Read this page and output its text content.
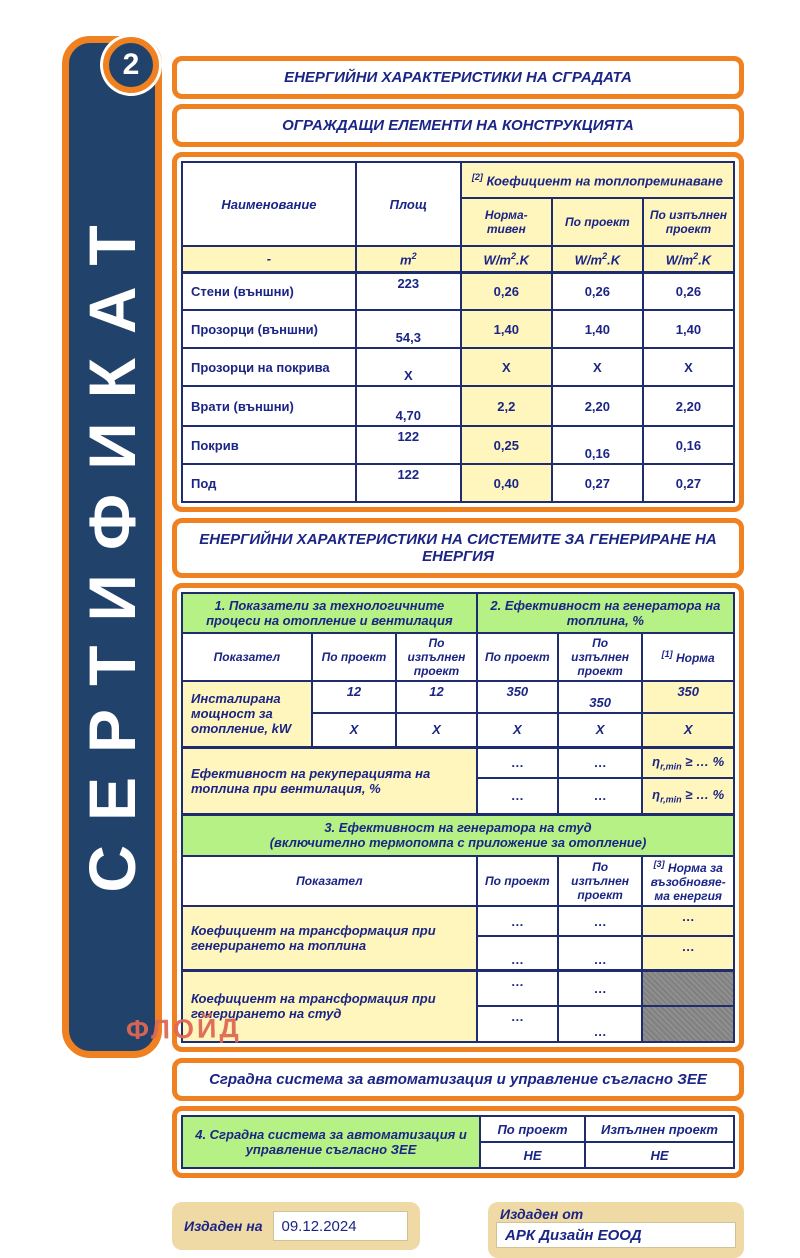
СЕРТИФИКАТ
2
ФЛОЙД
ЕНЕРГИЙНИ ХАРАКТЕРИСТИКИ НА СГРАДАТА
ОГРАЖДАЩИ ЕЛЕМЕНТИ НА КОНСТРУКЦИЯТА
Наименование	Площ	[2] Коефициент на топлопреминаване		
		Норма-тивен	По проект	По изпълнен проект
-	$m^2$	$W/m^2.K$	$W/m^2.K$	$W/m^2.K$
Стени (външни)	223	0,26	0,26	0,26
Прозорци (външни)	54,3	1,40	1,40	1,40
Прозорци на покрива	X	X	X	X
Врати (външни)	4,70	2,2	2,20	2,20
Покрив	122	0,25	0,16	0,16
Под	122	0,40	0,27	0,27
ЕНЕРГИЙНИ ХАРАКТЕРИСТИКИ НА СИСТЕМИТЕ ЗА ГЕНЕРИРАНЕ НА ЕНЕРГИЯ
1. Показатели за технологичните процеси на отопление и вентилация			2. Ефективност на генератора на топлина, %		
Показател	По проект	По изпълнен проект	По проект	По изпълнен проект	[1] Норма
Инсталирана мощност за отопление, kW	12	12	350	350	350
	X	X	X	X	X
Ефективност на рекуперацията на топлина при вентилация, %			…	…	$\eta_{r,min}$ ≥ … %
			…	…	$\eta_{r,min}$ ≥ … %

3. Ефективност на генератора на студ
(включително термопомпа с приложение за отопление)					

Показател			По проект	По изпълнен проект	[3] Норма за възобновяе-ма енергия
Коефициент на трансформация при генерирането на топлина			…	…	…
			…	…	…
Коефициент на трансформация при генерирането на студ			…	…	
			…	…	
Сградна система за автоматизация и управление съгласно ЗЕЕ
4. Сградна система за автоматизация и управление съгласно ЗЕЕ	По проект	Изпълнен проект
	НЕ	НЕ
Издаден на	09.12.2024
Издаден от
АРК Дизайн ЕООД
